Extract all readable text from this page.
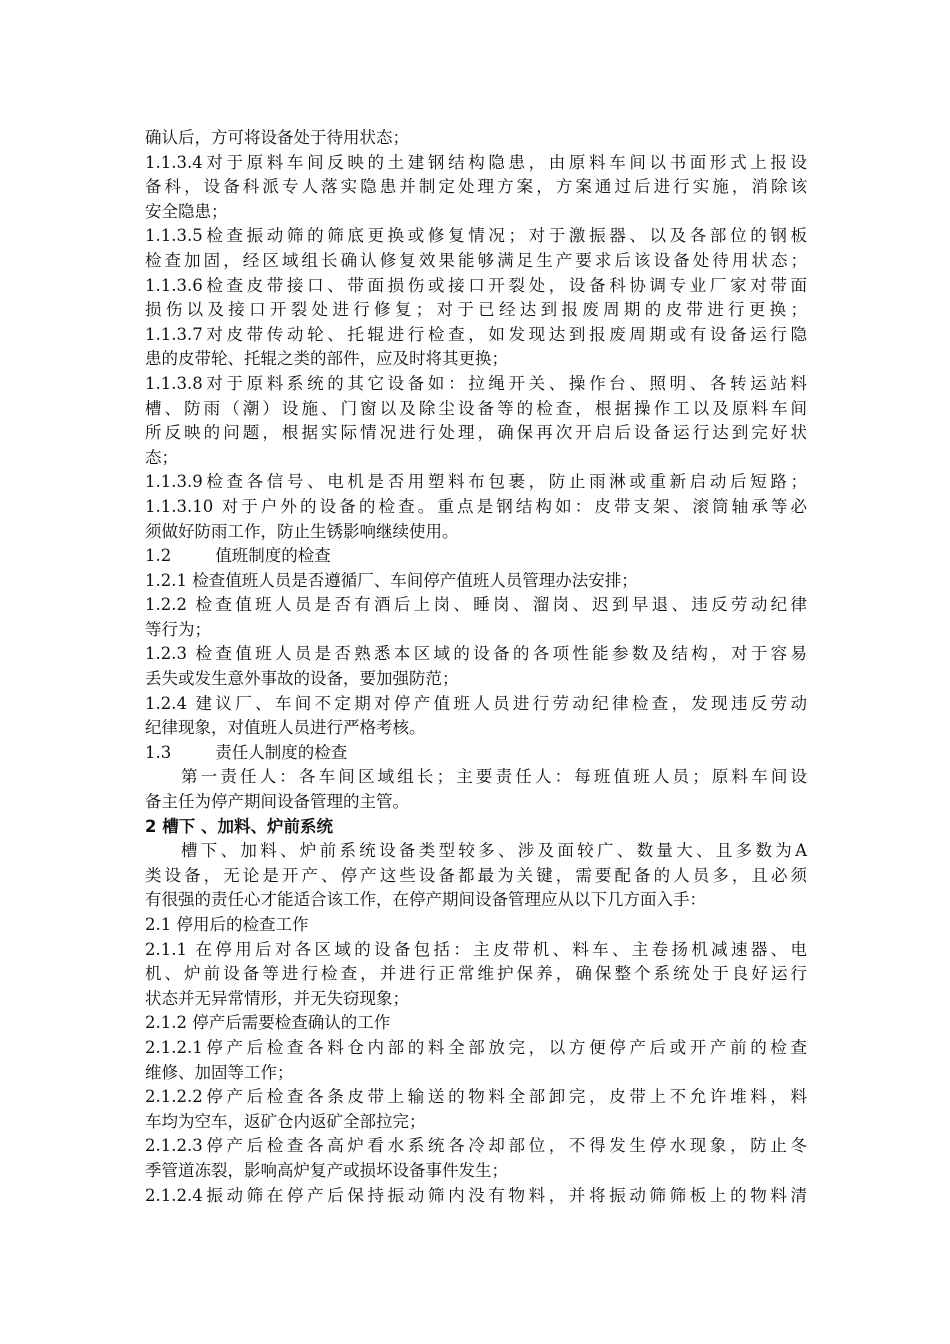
确认后，方可将设备处于待用状态；
1.1.3.4对于原料车间反映的土建钢结构隐患，由原料车间以书面形式上报设
备科，设备科派专人落实隐患并制定处理方案，方案通过后进行实施，消除该
安全隐患；
1.1.3.5检查振动筛的筛底更换或修复情况；对于激振器、以及各部位的钢板
检查加固，经区域组长确认修复效果能够满足生产要求后该设备处待用状态；
1.1.3.6检查皮带接口、带面损伤或接口开裂处，设备科协调专业厂家对带面
损伤以及接口开裂处进行修复；对于已经达到报废周期的皮带进行更换；
1.1.3.7对皮带传动轮、托辊进行检查，如发现达到报废周期或有设备运行隐
患的皮带轮、托辊之类的部件，应及时将其更换；
1.1.3.8对于原料系统的其它设备如：拉绳开关、操作台、照明、各转运站料
槽、防雨（潮）设施、门窗以及除尘设备等的检查，根据操作工以及原料车间
所反映的问题，根据实际情况进行处理，确保再次开启后设备运行达到完好状
态；
1.1.3.9检查各信号、电机是否用塑料布包裹，防止雨淋或重新启动后短路；
1.1.3.10 对于户外的设备的检查。重点是钢结构如：皮带支架、滚筒轴承等必
须做好防雨工作，防止生锈影响继续使用。
1.2	值班制度的检查
1.2.1 检查值班人员是否遵循厂、车间停产值班人员管理办法安排；
1.2.2 检查值班人员是否有酒后上岗、睡岗、溜岗、迟到早退、违反劳动纪律
等行为；
1.2.3 检查值班人员是否熟悉本区域的设备的各项性能参数及结构，对于容易
丢失或发生意外事故的设备，要加强防范；
1.2.4 建议厂、车间不定期对停产值班人员进行劳动纪律检查，发现违反劳动
纪律现象，对值班人员进行严格考核。
1.3	责任人制度的检查
第一责任人：各车间区域组长；主要责任人：每班值班人员；原料车间设
备主任为停产期间设备管理的主管。
2 槽下 、加料、炉前系统
槽下、加料、炉前系统设备类型较多、涉及面较广、数量大、且多数为A
类设备，无论是开产、停产这些设备都最为关键，需要配备的人员多，且必须
有很强的责任心才能适合该工作，在停产期间设备管理应从以下几方面入手：
2.1 停用后的检查工作
2.1.1 在停用后对各区域的设备包括：主皮带机、料车、主卷扬机减速器、电
机、炉前设备等进行检查，并进行正常维护保养，确保整个系统处于良好运行
状态并无异常情形，并无失窃现象；
2.1.2 停产后需要检查确认的工作
2.1.2.1停产后检查各料仓内部的料全部放完，以方便停产后或开产前的检查
维修、加固等工作；
2.1.2.2停产后检查各条皮带上输送的物料全部卸完，皮带上不允许堆料，料
车均为空车，返矿仓内返矿全部拉完；
2.1.2.3停产后检查各高炉看水系统各冷却部位，不得发生停水现象，防止冬
季管道冻裂，影响高炉复产或损坏设备事件发生；
2.1.2.4振动筛在停产后保持振动筛内没有物料，并将振动筛筛板上的物料清
